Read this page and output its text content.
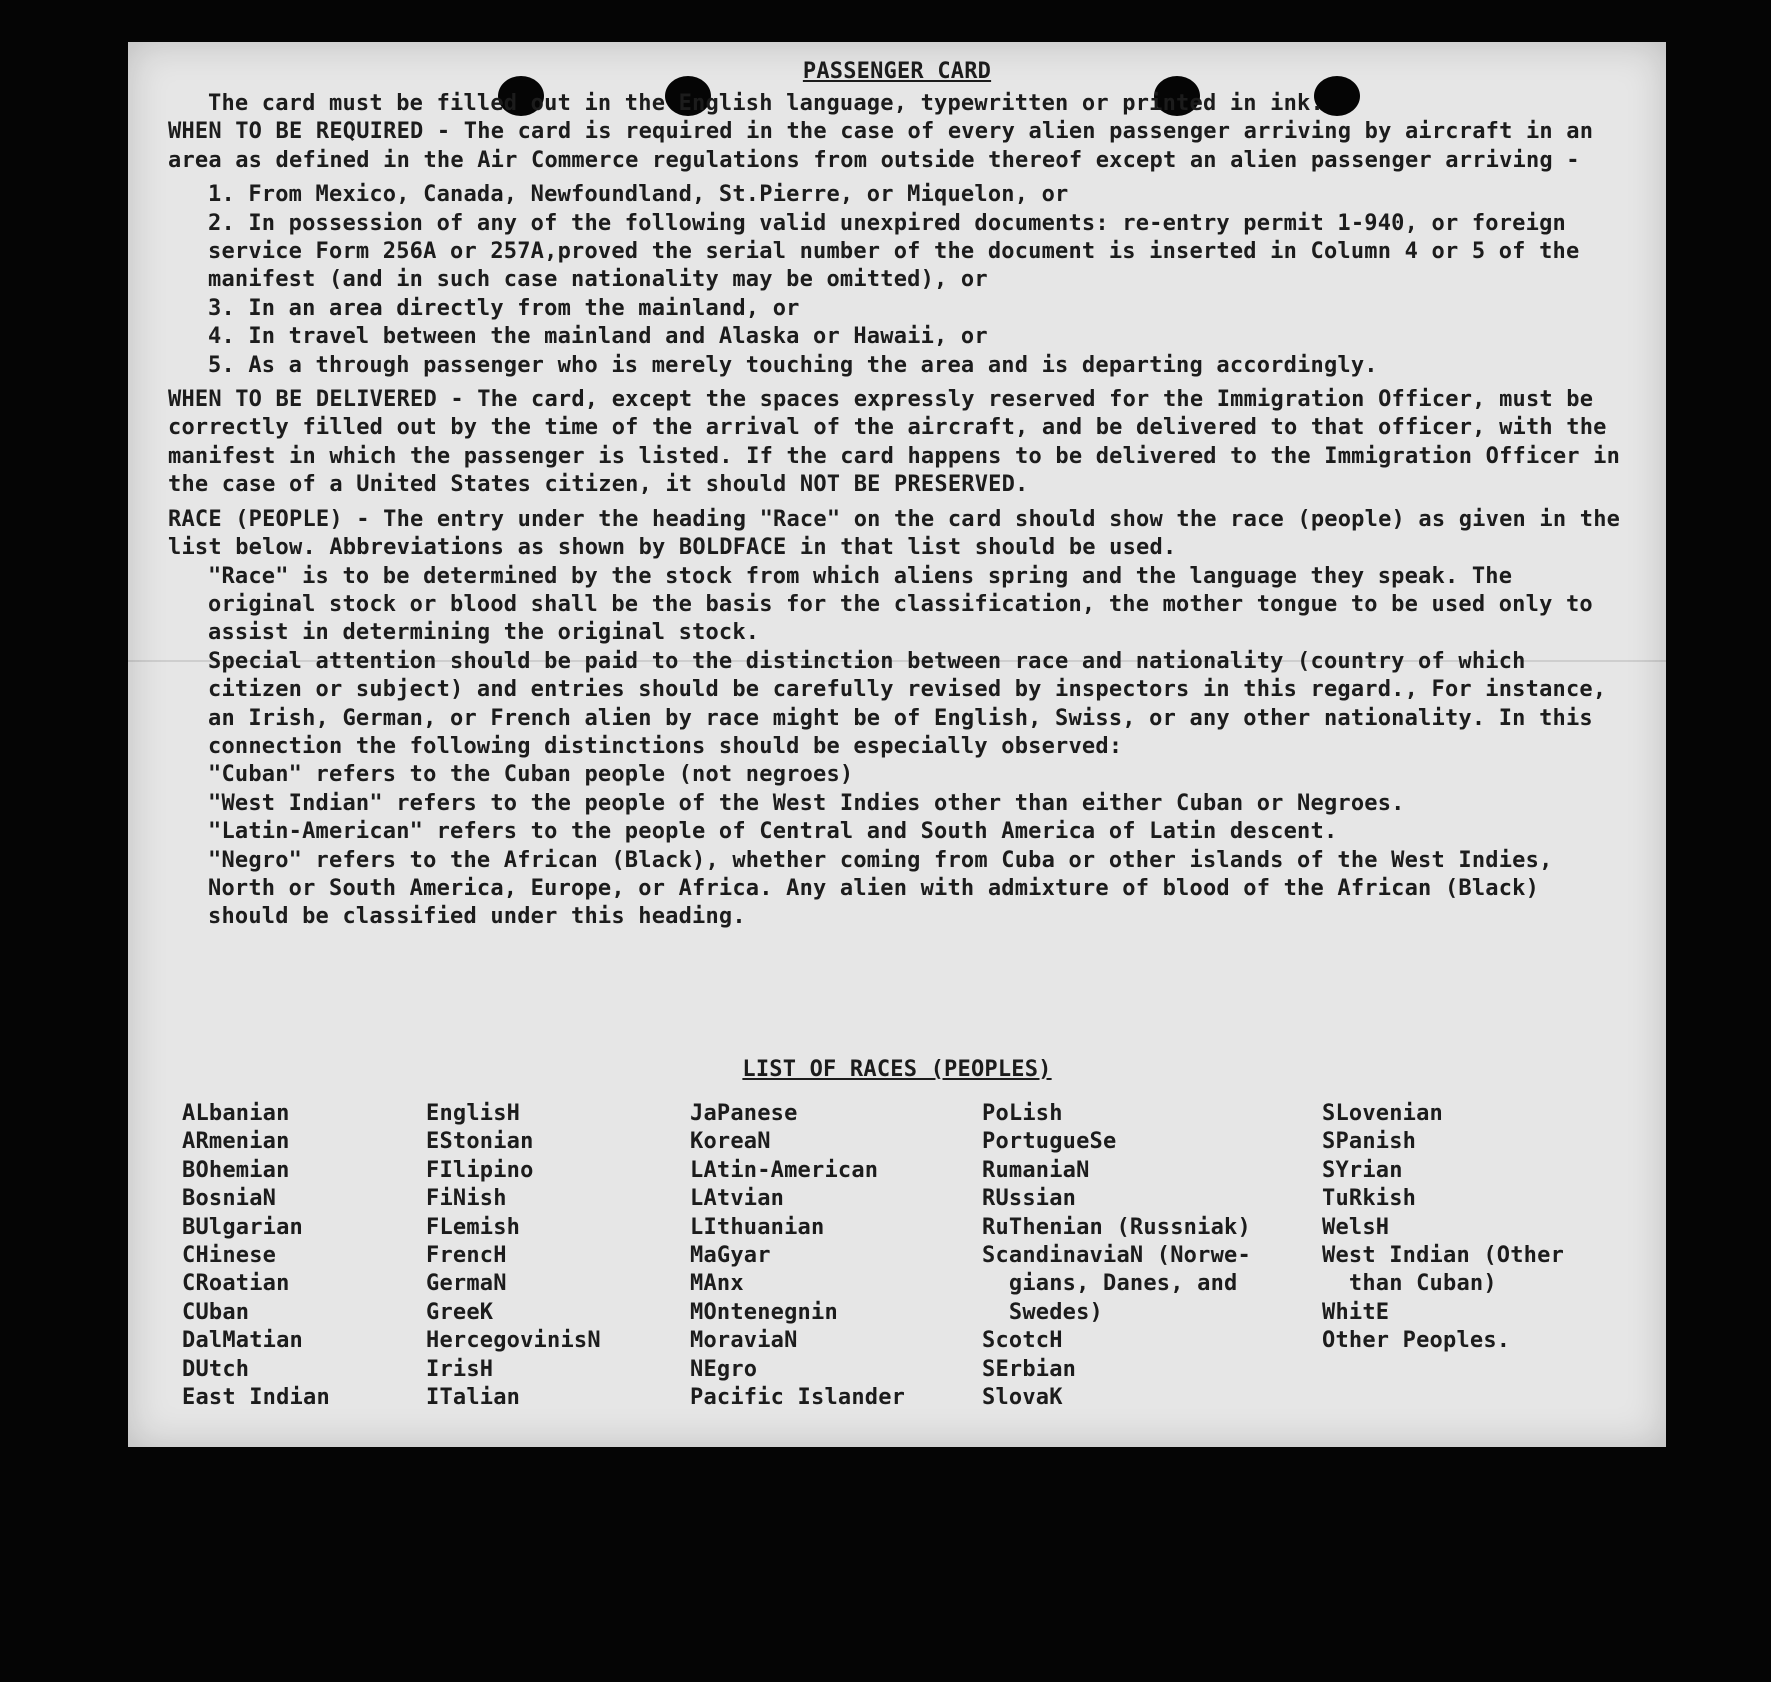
PASSENGER CARD

The card must be filled out in the English language, typewritten or printed in ink.

WHEN TO BE REQUIRED - The card is required in the case of every alien passenger arriving by aircraft in an area as defined in the Air Commerce regulations from outside thereof except an alien passenger arriving -

1. From Mexico, Canada, Newfoundland, St.Pierre, or Miquelon, or

2. In possession of any of the following valid unexpired documents: re-entry permit 1-940, or foreign service Form 256A or 257A,proved the serial number of the document is inserted in Column 4 or 5 of the manifest (and in such case nationality may be omitted), or

3. In an area directly from the mainland, or

4. In travel between the mainland and Alaska or Hawaii, or

5. As a through passenger who is merely touching the area and is departing accordingly.

WHEN TO BE DELIVERED - The card, except the spaces expressly reserved for the Immigration Officer, must be correctly filled out by the time of the arrival of the aircraft, and be delivered to that officer, with the manifest in which the passenger is listed. If the card happens to be delivered to the Immigration Officer in the case of a United States citizen, it should NOT BE PRESERVED.

RACE (PEOPLE) - The entry under the heading "Race" on the card should show the race (people) as given in the list below. Abbreviations as shown by BOLDFACE in that list should be used.

"Race" is to be determined by the stock from which aliens spring and the language they speak. The original stock or blood shall be the basis for the classification, the mother tongue to be used only to assist in determining the original stock.

Special attention should be paid to the distinction between race and nationality (country of which citizen or subject) and entries should be carefully revised by inspectors in this regard., For instance, an Irish, German, or French alien by race might be of English, Swiss, or any other nationality. In this connection the following distinctions should be especially observed:

"Cuban" refers to the Cuban people (not negroes)

"West Indian" refers to the people of the West Indies other than either Cuban or Negroes.

"Latin-American" refers to the people of Central and South America of Latin descent.

"Negro" refers to the African (Black), whether coming from Cuba or other islands of the West Indies, North or South America, Europe, or Africa. Any alien with admixture of blood of the African (Black) should be classified under this heading.

LIST OF RACES (PEOPLES)
ALbanian
ARmenian
BOhemian
BosniaN
BUlgarian
CHinese
CRoatian
CUban
DalMatian
DUtch
East Indian
EnglisH
EStonian
FIlipino
FiNish
FLemish
FrencH
GermaN
GreeK
HercegovinisN
IrisH
ITalian
JaPanese
KoreaN
LAtin-American
LAtvian
LIthuanian
MaGyar
MAnx
MOntenegnin
MoraviaN
NEgro
Pacific Islander
PoLish
PortugueSe
RumaniaN
RUssian
RuThenian (Russniak)
ScandinaviaN (Norwe-
gians, Danes, and
Swedes)
ScotcH
SErbian
SlovaK
SLovenian
SPanish
SYrian
TuRkish
WelsH
West Indian (Other
than Cuban)
WhitE
Other Peoples.
